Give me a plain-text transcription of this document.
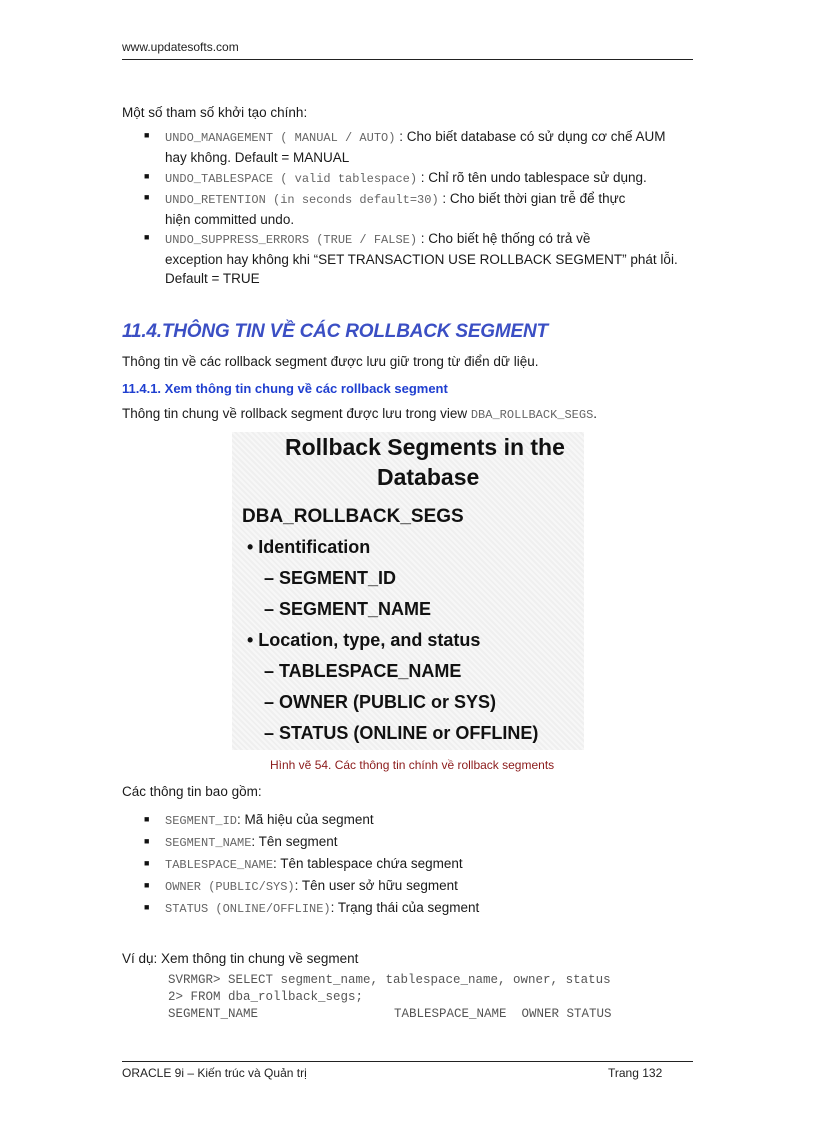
www.updatesofts.com
Một số tham số khởi tạo chính:
■ UNDO_MANAGEMENT ( MANUAL / AUTO) : Cho biết database có sử dụng cơ chế AUM
hay không. Default = MANUAL
■ UNDO_TABLESPACE ( valid tablespace) : Chỉ rõ tên undo tablespace sử dụng.
■ UNDO_RETENTION (in seconds default=30) : Cho biết thời gian trễ để thực
hiện committed undo.
■ UNDO_SUPPRESS_ERRORS (TRUE / FALSE) : Cho biết hệ thống có trả về
exception hay không khi “SET TRANSACTION USE ROLLBACK SEGMENT” phát lỗi.
Default = TRUE
11.4.THÔNG TIN VỀ CÁC ROLLBACK SEGMENT
Thông tin về các rollback segment được lưu giữ trong từ điển dữ liệu.
11.4.1. Xem thông tin chung về các rollback segment
Thông tin chung về rollback segment được lưu trong view DBA_ROLLBACK_SEGS.
Rollback Segments in the
Database
DBA_ROLLBACK_SEGS
• Identification
– SEGMENT_ID
– SEGMENT_NAME
• Location, type, and status
– TABLESPACE_NAME
– OWNER (PUBLIC or SYS)
– STATUS (ONLINE or OFFLINE)
Hình vẽ 54. Các thông tin chính về rollback segments
Các thông tin bao gồm:
■ SEGMENT_ID: Mã hiệu của segment
■ SEGMENT_NAME: Tên segment
■ TABLESPACE_NAME: Tên tablespace chứa segment
■ OWNER (PUBLIC/SYS): Tên user sở hữu segment
■ STATUS (ONLINE/OFFLINE): Trạng thái của segment
Ví dụ: Xem thông tin chung về segment
SVRMGR> SELECT segment_name, tablespace_name, owner, status
2> FROM dba_rollback_segs;
SEGMENT_NAME	TABLESPACE_NAME  OWNER STATUS
ORACLE 9i – Kiến trúc và Quản trị	Trang 132
